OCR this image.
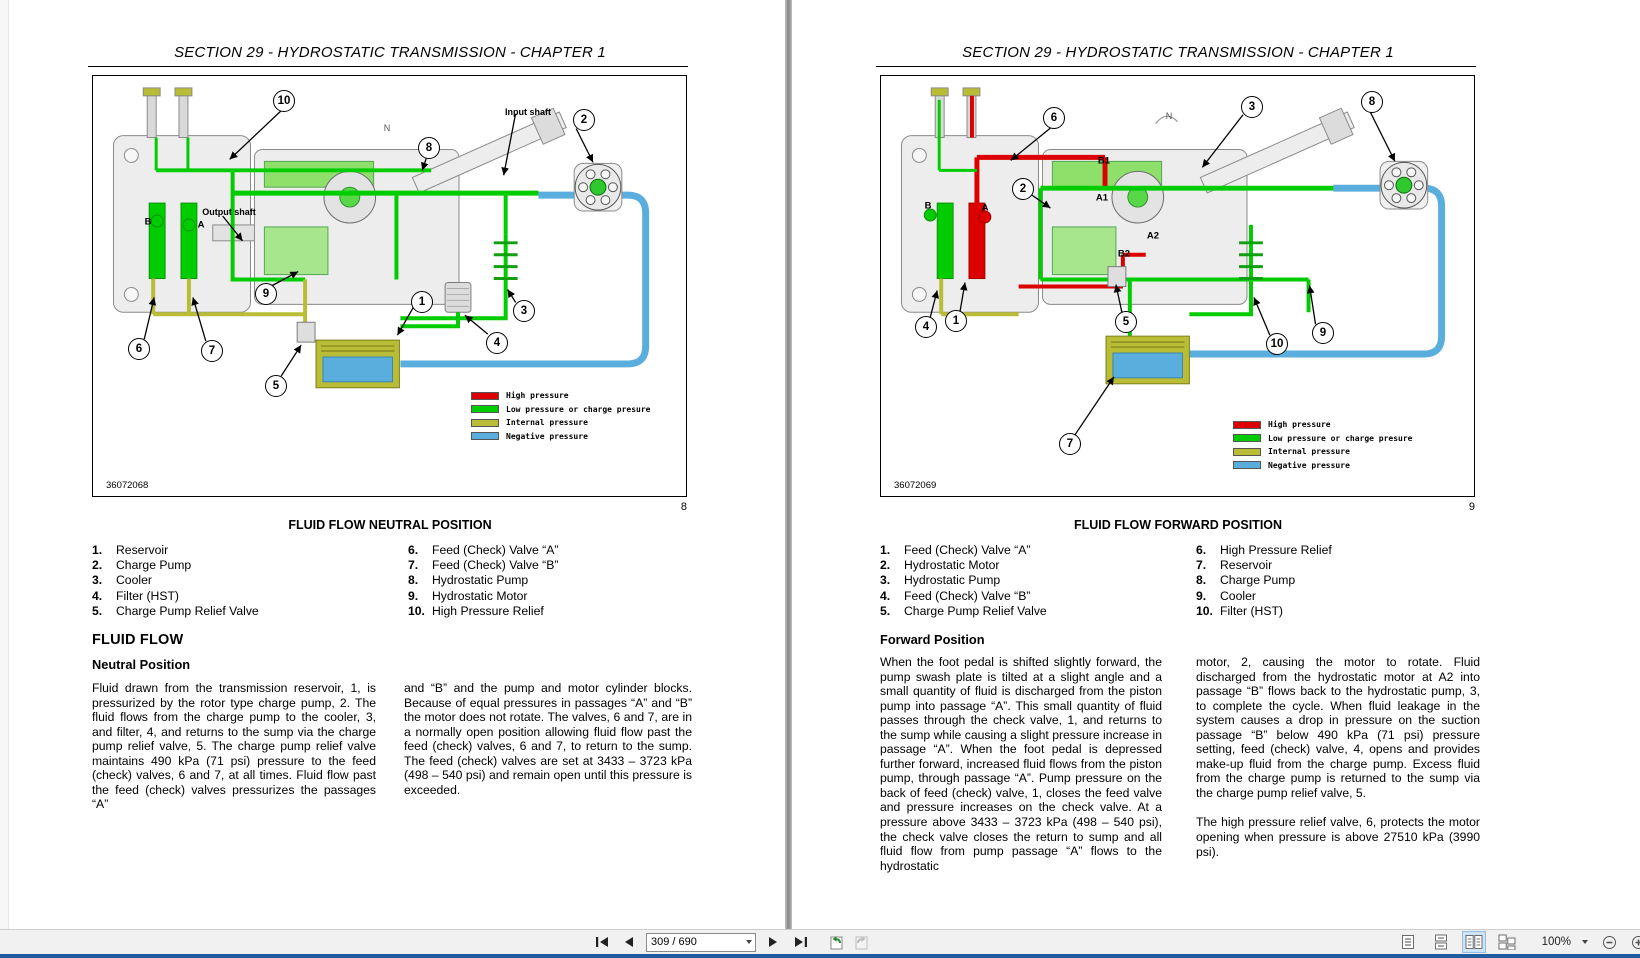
SECTION 29 - HYDROSTATIC TRANSMISSION - CHAPTER 1
10
8
2
9
1
3
4
5
6	7
Input shaft
N
Output shaft
B	A
High pressure
Low pressure or charge presure
Internal pressure
Negative pressure
36072068
8
FLUID FLOW NEUTRAL POSITION
1.	Reservoir
2.	Charge Pump
3.	Cooler
4.	Filter (HST)
5.	Charge Pump Relief Valve
6.	Feed (Check) Valve “A”
7.	Feed (Check) Valve “B”
8.	Hydrostatic Pump
9.	Hydrostatic Motor
10. High Pressure Relief
FLUID FLOW
Neutral Position
Fluid drawn from the transmission reservoir, 1, is pressurized by the rotor type charge pump, 2. The fluid flows from the charge pump to the cooler, 3, and filter, 4, and returns to the sump via the charge pump relief valve, 5. The charge pump relief valve maintains 490 kPa (71 psi) pressure to the feed (check) valves, 6 and 7, at all times. Fluid flow past the feed (check) valves pressurizes the passages “A”
and “B” and the pump and motor cylinder blocks. Because of equal pressures in passages “A” and “B” the motor does not rotate. The valves, 6 and 7, are in a normally open position allowing fluid flow past the feed (check) valves, 6 and 7, to return to the sump. The feed (check) valves are set at 3433 – 3723 kPa (498 – 540 psi) and remain open until this pressure is exceeded.
SECTION 29 - HYDROSTATIC TRANSMISSION - CHAPTER 1
6
3	8
2
4	1	5
10
9
7
B1
A1
A2
B2
B	A
N
High pressure
Low pressure or charge presure
Internal pressure
Negative pressure
36072069
9
FLUID FLOW FORWARD POSITION
1.	Feed (Check) Valve “A”
2.	Hydrostatic Motor
3.	Hydrostatic Pump
4.	Feed (Check) Valve “B”
5.	Charge Pump Relief Valve
6.	High Pressure Relief
7.	Reservoir
8.	Charge Pump
9.	Cooler
10. Filter (HST)
Forward Position
When the foot pedal is shifted slightly forward, the pump swash plate is tilted at a slight angle and a small quantity of fluid is discharged from the piston pump into passage “A”. This small quantity of fluid passes through the check valve, 1, and returns to the sump while causing a slight pressure increase in passage “A”. When the foot pedal is depressed further forward, increased fluid flows from the piston pump, through passage “A”. Pump pressure on the back of feed (check) valve, 1, closes the feed valve and pressure increases on the check valve. At a pressure above 3433 – 3723 kPa (498 – 540 psi), the check valve closes the return to sump and all fluid flow from pump passage “A” flows to the hydrostatic

motor, 2, causing the motor to rotate. Fluid discharged from the hydrostatic motor at A2 into passage “B” flows back to the hydrostatic pump, 3, to complete the cycle. When fluid leakage in the system causes a drop in pressure on the suction passage “B” below 490 kPa (71 psi) pressure setting, feed (check) valve, 4, opens and provides make-up fluid from the charge pump. Excess fluid from the charge pump is returned to the sump via the charge pump relief valve, 5.

The high pressure relief valve, 6, protects the motor opening when pressure is above 27510 kPa (3990 psi).

309 / 690	100%
